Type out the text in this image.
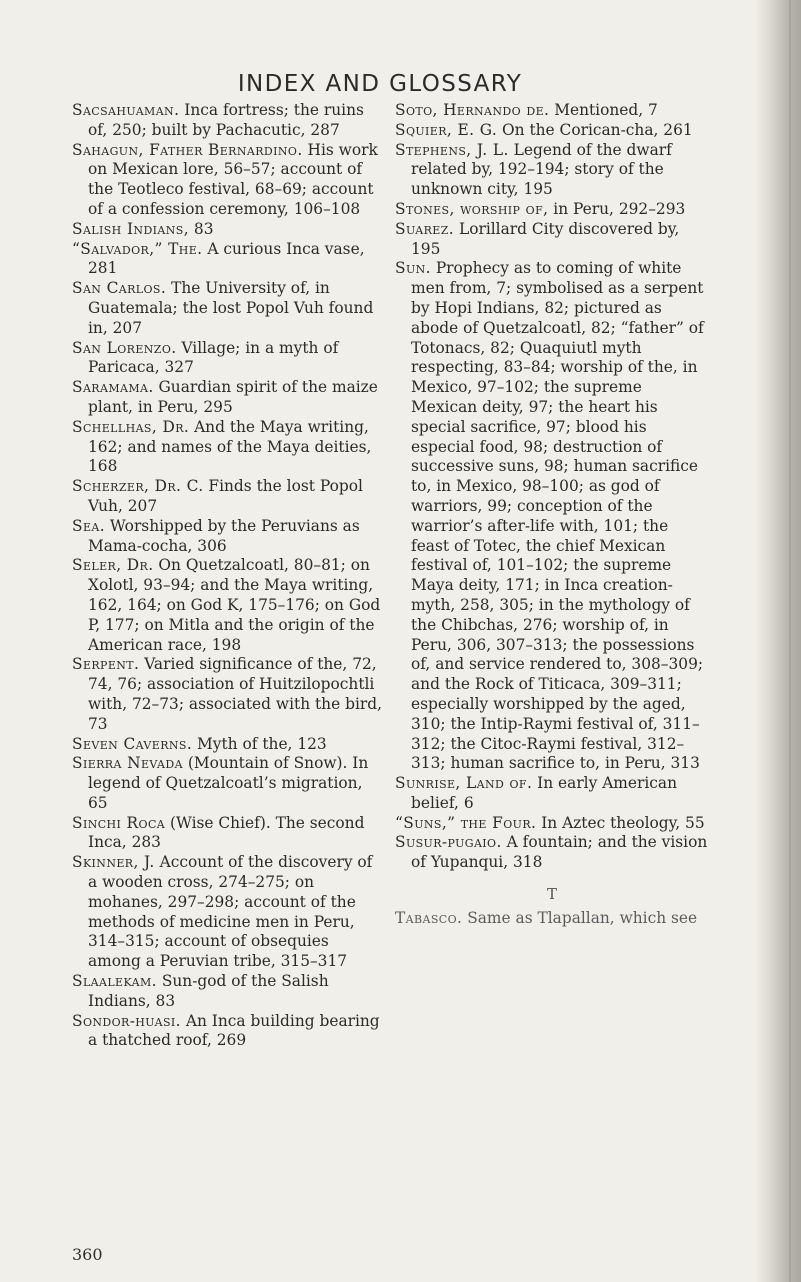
INDEX AND GLOSSARY

Sacsahuaman. Inca fortress; the ruins of, 250; built by Pachacutic, 287

Sahagun, Father Bernardino. His work on Mexican lore, 56–57; account of the Teotleco festival, 68–69; account of a confession ceremony, 106–108

Salish Indians, 83

“Salvador,” The. A curious Inca vase, 281

San Carlos. The University of, in Guatemala; the lost Popol Vuh found in, 207

San Lorenzo. Village; in a myth of Paricaca, 327

Saramama. Guardian spirit of the maize plant, in Peru, 295

Schellhas, Dr. And the Maya writing, 162; and names of the Maya deities, 168

Scherzer, Dr. C. Finds the lost Popol Vuh, 207

Sea. Worshipped by the Peruvians as Mama-cocha, 306

Seler, Dr. On Quetzalcoatl, 80–81; on Xolotl, 93–94; and the Maya writing, 162, 164; on God K, 175–176; on God P, 177; on Mitla and the origin of the American race, 198

Serpent. Varied significance of the, 72, 74, 76; association of Huitzilopochtli with, 72–73; associated with the bird, 73

Seven Caverns. Myth of the, 123

Sierra Nevada (Mountain of Snow). In legend of Quetzalcoatl’s migration, 65

Sinchi Roca (Wise Chief). The second Inca, 283

Skinner, J. Account of the discovery of a wooden cross, 274–275; on mohanes, 297–298; account of the methods of medicine men in Peru, 314–315; account of obsequies among a Peruvian tribe, 315–317

Slaalekam. Sun-god of the Salish Indians, 83

Sondor-huasi. An Inca building bearing a thatched roof, 269

Soto, Hernando de. Mentioned, 7

Squier, E. G. On the Corican-cha, 261

Stephens, J. L. Legend of the dwarf related by, 192–194; story of the unknown city, 195

Stones, worship of, in Peru, 292–293

Suarez. Lorillard City discovered by, 195

Sun. Prophecy as to coming of white men from, 7; symbolised as a serpent by Hopi Indians, 82; pictured as abode of Quetzalcoatl, 82; “father” of Totonacs, 82; Quaquiutl myth respecting, 83–84; worship of the, in Mexico, 97–102; the supreme Mexican deity, 97; the heart his special sacrifice, 97; blood his especial food, 98; destruction of successive suns, 98; human sacrifice to, in Mexico, 98–100; as god of warriors, 99; conception of the warrior’s after-life with, 101; the feast of Totec, the chief Mexican festival of, 101–102; the supreme Maya deity, 171; in Inca creation-myth, 258, 305; in the mythology of the Chibchas, 276; worship of, in Peru, 306, 307–313; the possessions of, and service rendered to, 308–309; and the Rock of Titicaca, 309–311; especially worshipped by the aged, 310; the Intip-Raymi festival of, 311–312; the Citoc-Raymi festival, 312–313; human sacrifice to, in Peru, 313

Sunrise, Land of. In early American belief, 6

“Suns,” the Four. In Aztec theology, 55

Susur-pugaio. A fountain; and the vision of Yupanqui, 318

T

Tabasco. Same as Tlapallan, which see

360
